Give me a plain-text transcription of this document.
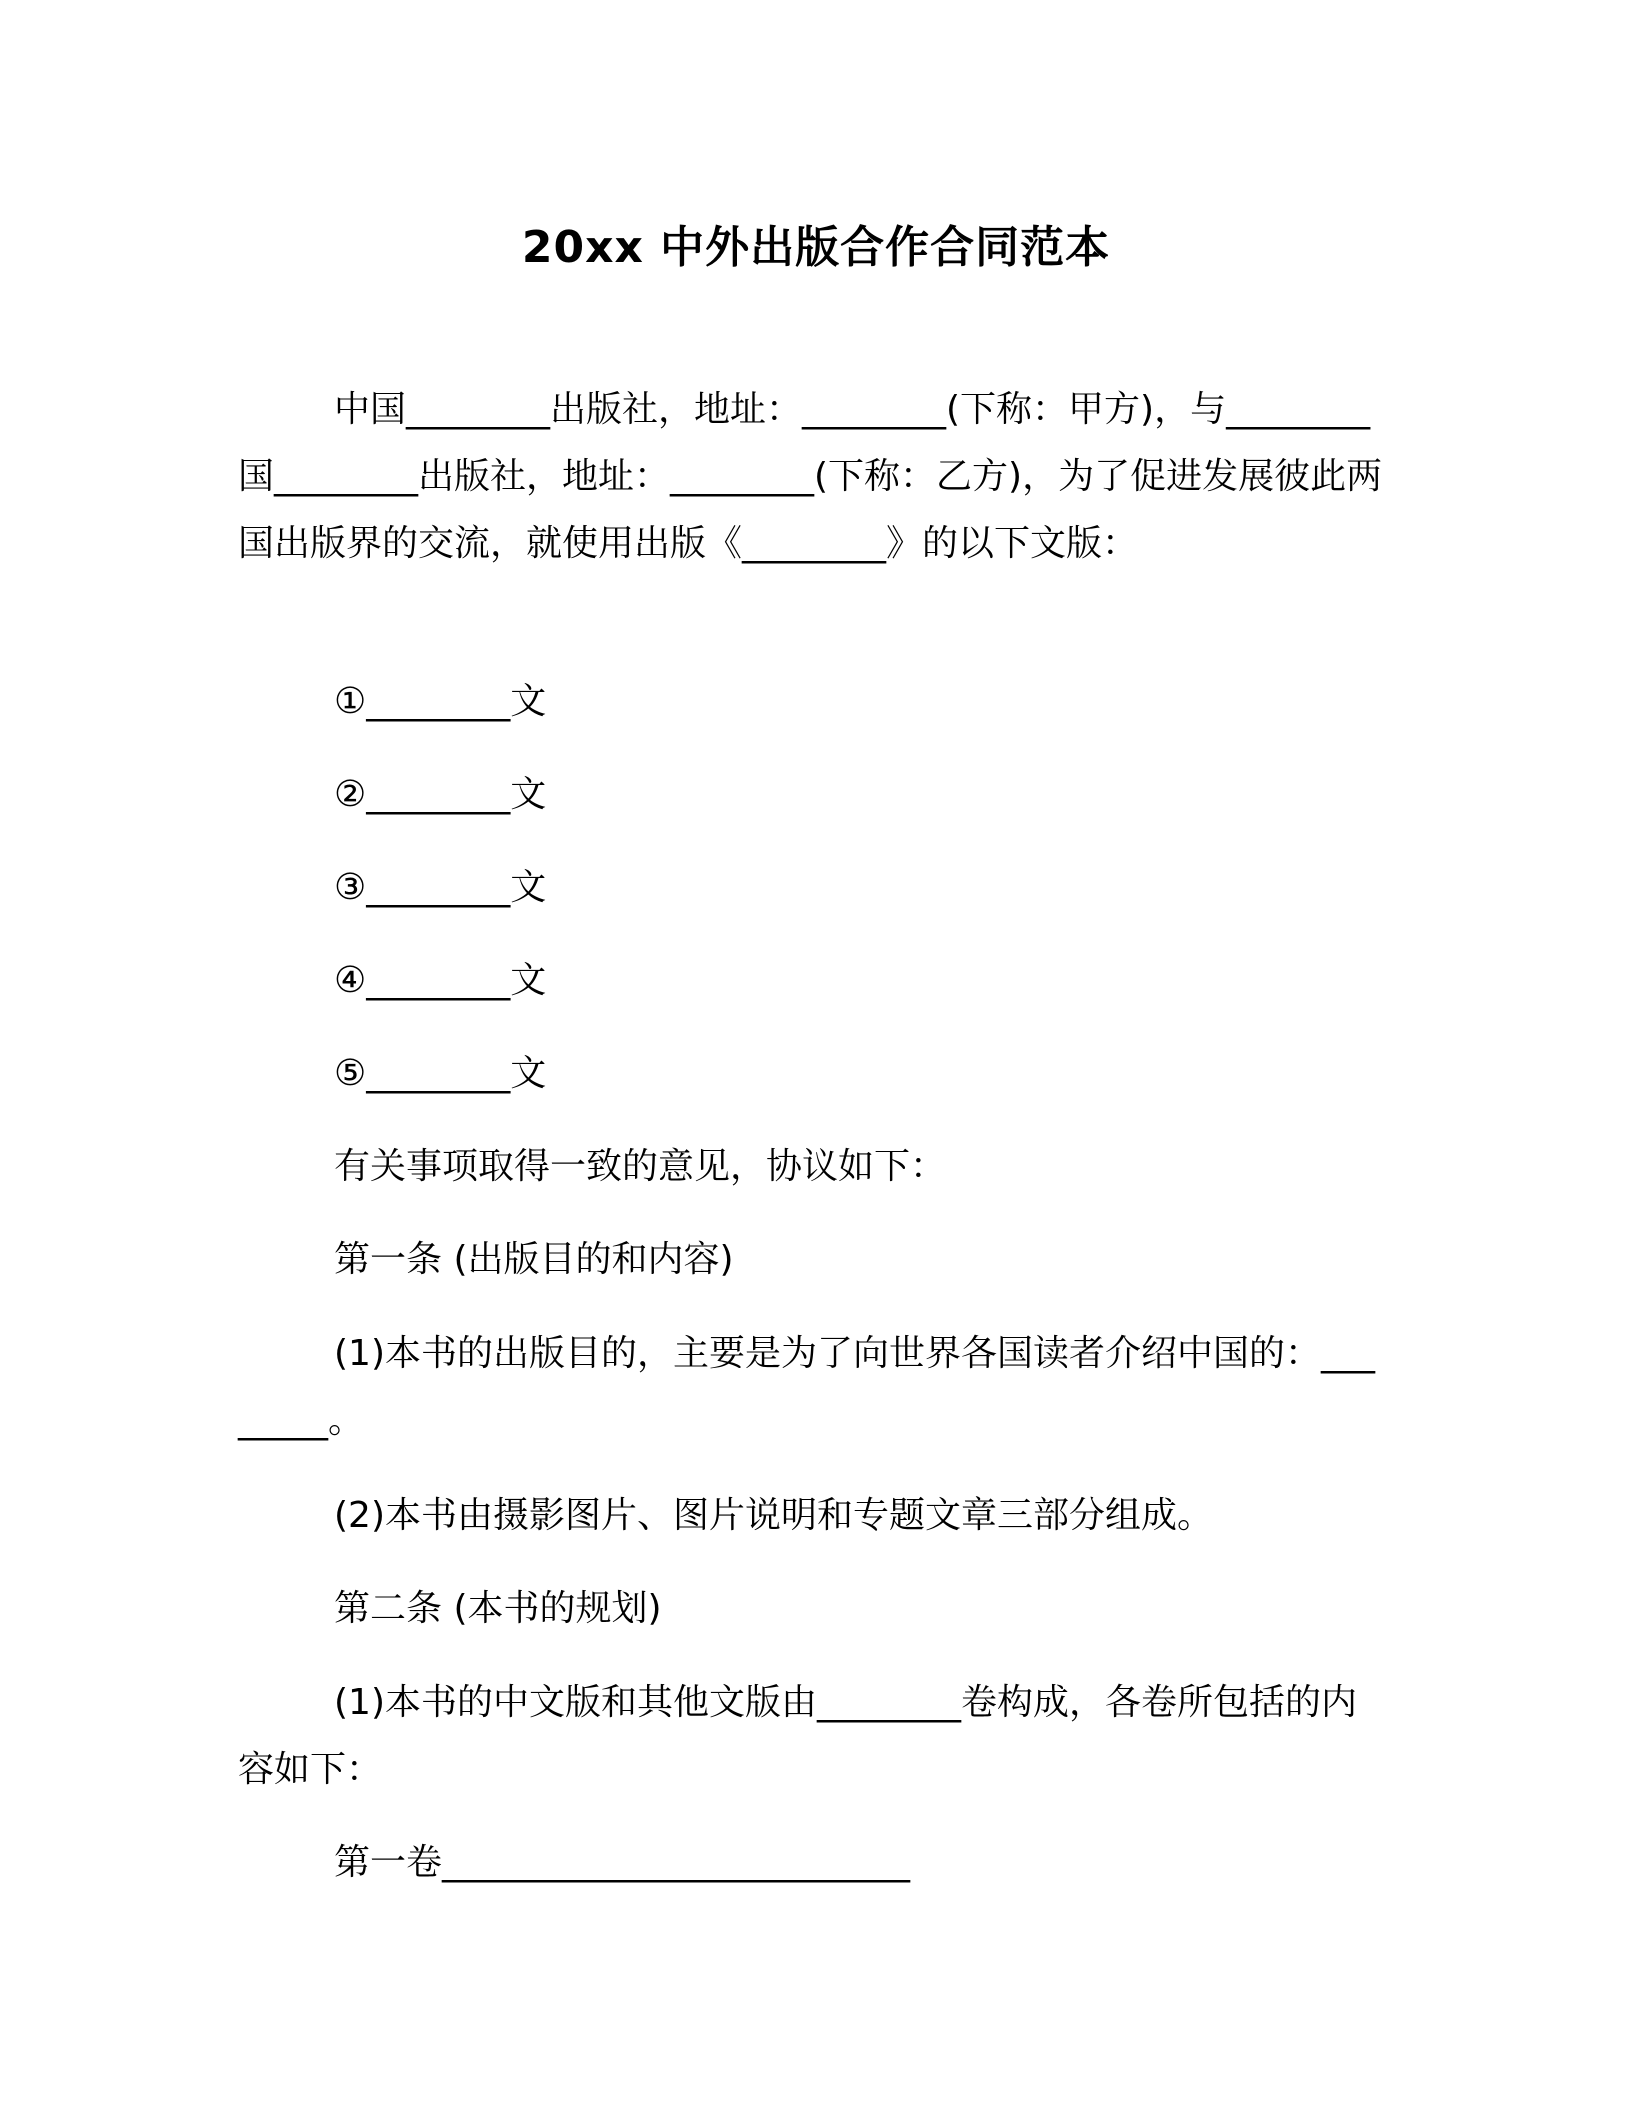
20xx 中外出版合作合同范本
中国________出版社，地址：________(下称：甲方)，与________国________出版社，地址：________(下称：乙方)，为了促进发展彼此两国出版界的交流，就使用出版《________》的以下文版：
①________文
②________文
③________文
④________文
⑤________文
有关事项取得一致的意见，协议如下：
第一条 (出版目的和内容)
(1)本书的出版目的，主要是为了向世界各国读者介绍中国的：________。
(2)本书由摄影图片、图片说明和专题文章三部分组成。
第二条 (本书的规划)
(1)本书的中文版和其他文版由________卷构成，各卷所包括的内容如下：
第一卷__________________________
